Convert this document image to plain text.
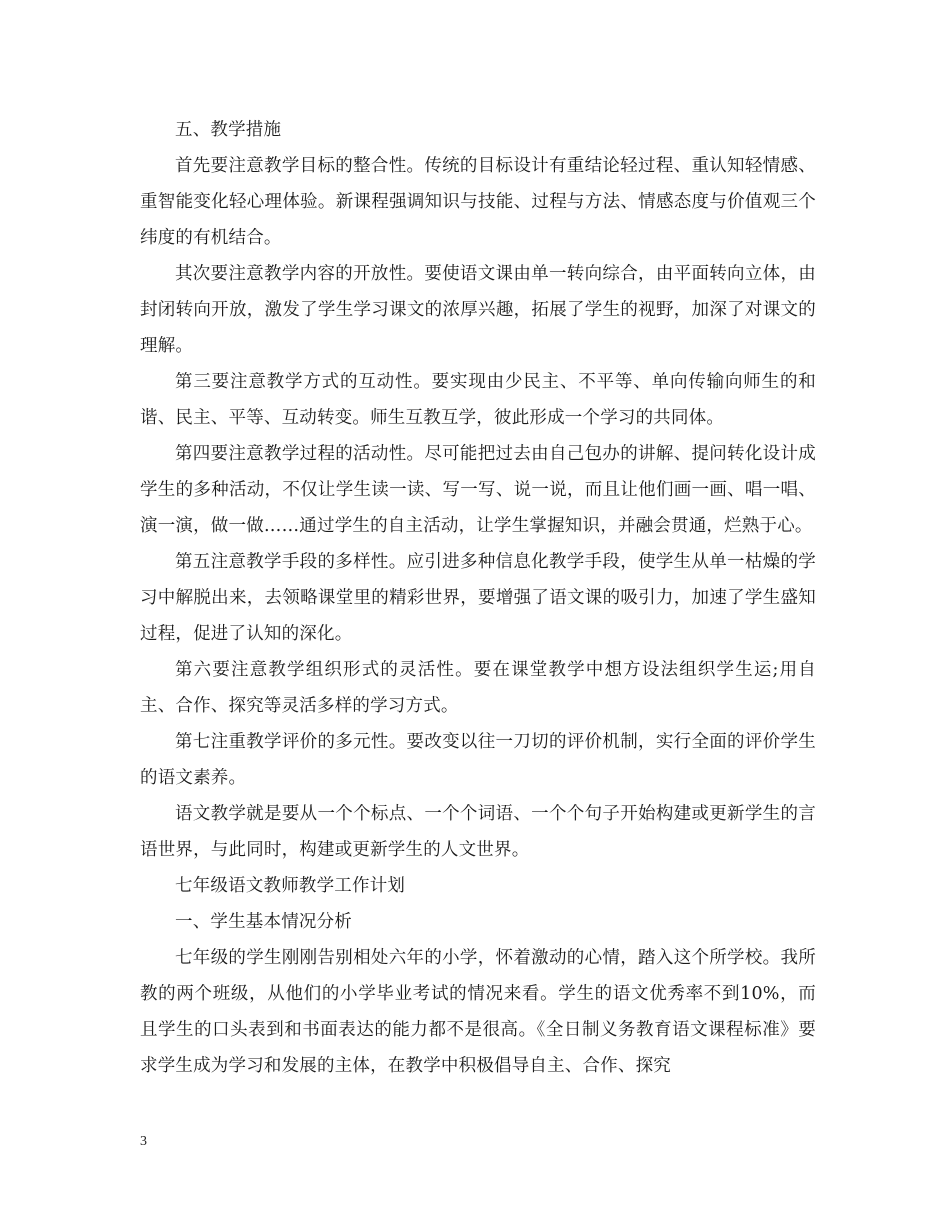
五、教学措施

首先要注意教学目标的整合性。传统的目标设计有重结论轻过程、重认知轻情感、重智能变化轻心理体验。新课程强调知识与技能、过程与方法、情感态度与价值观三个纬度的有机结合。

其次要注意教学内容的开放性。要使语文课由单一转向综合，由平面转向立体，由封闭转向开放，激发了学生学习课文的浓厚兴趣，拓展了学生的视野，加深了对课文的理解。

第三要注意教学方式的互动性。要实现由少民主、不平等、单向传输向师生的和谐、民主、平等、互动转变。师生互教互学，彼此形成一个学习的共同体。

第四要注意教学过程的活动性。尽可能把过去由自己包办的讲解、提问转化设计成学生的多种活动，不仅让学生读一读、写一写、说一说，而且让他们画一画、唱一唱、演一演，做一做……通过学生的自主活动，让学生掌握知识，并融会贯通，烂熟于心。

第五注意教学手段的多样性。应引进多种信息化教学手段，使学生从单一枯燥的学习中解脱出来，去领略课堂里的精彩世界，要增强了语文课的吸引力，加速了学生盛知过程，促进了认知的深化。

第六要注意教学组织形式的灵活性。要在课堂教学中想方设法组织学生运;用自主、合作、探究等灵活多样的学习方式。

第七注重教学评价的多元性。要改变以往一刀切的评价机制，实行全面的评价学生的语文素养。

语文教学就是要从一个个标点、一个个词语、一个个句子开始构建或更新学生的言语世界，与此同时，构建或更新学生的人文世界。

七年级语文教师教学工作计划

一、学生基本情况分析

七年级的学生刚刚告别相处六年的小学，怀着激动的心情，踏入这个所学校。我所教的两个班级，从他们的小学毕业考试的情况来看。学生的语文优秀率不到10%，而且学生的口头表到和书面表达的能力都不是很高。《全日制义务教育语文课程标准》要求学生成为学习和发展的主体，在教学中积极倡导自主、合作、探究

3
